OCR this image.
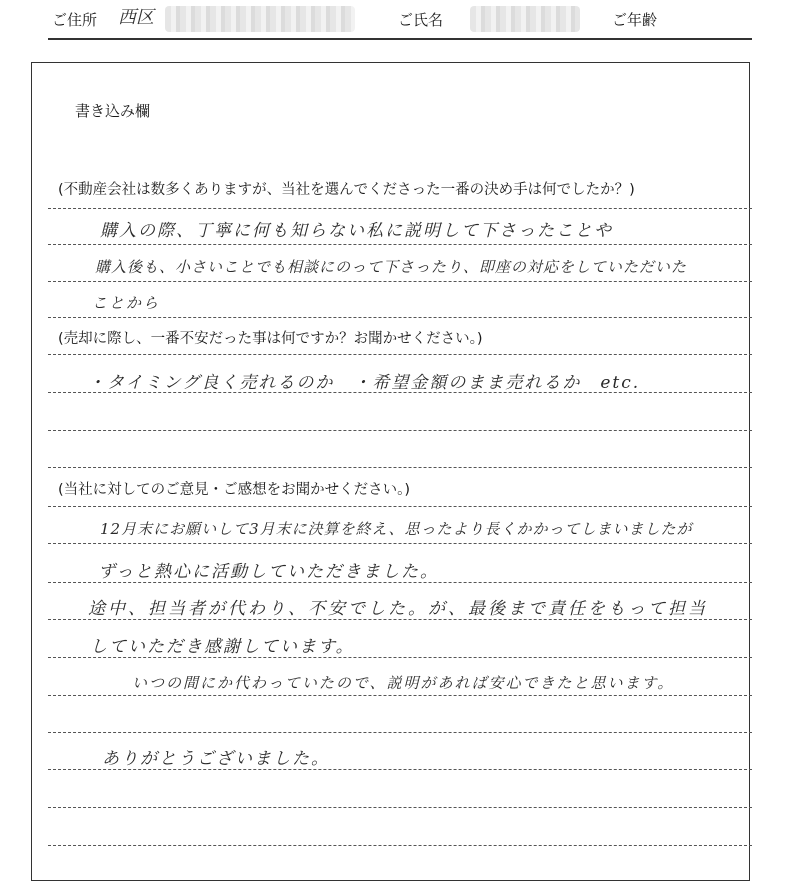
ご住所 西区	ご氏名	ご年齢
書き込み欄
(不動産会社は数多くありますが、当社を選んでくださった一番の決め手は何でしたか？)
購入の際、丁寧に何も知らない私に説明して下さったことや
購入後も、小さいことでも相談にのって下さったり、即座の対応をしていただいた
ことから
(売却に際し、一番不安だった事は何ですか？お聞かせください。)
・タイミング良く売れるのか　・希望金額のまま売れるか　etc.
(当社に対してのご意見・ご感想をお聞かせください。)
12月末にお願いして3月末に決算を終え、思ったより長くかかってしまいましたが
ずっと熱心に活動していただきました。
途中、担当者が代わり、不安でした。が、最後まで責任をもって担当
していただき感謝しています。
いつの間にか代わっていたので、説明があれば安心できたと思います。
ありがとうございました。
